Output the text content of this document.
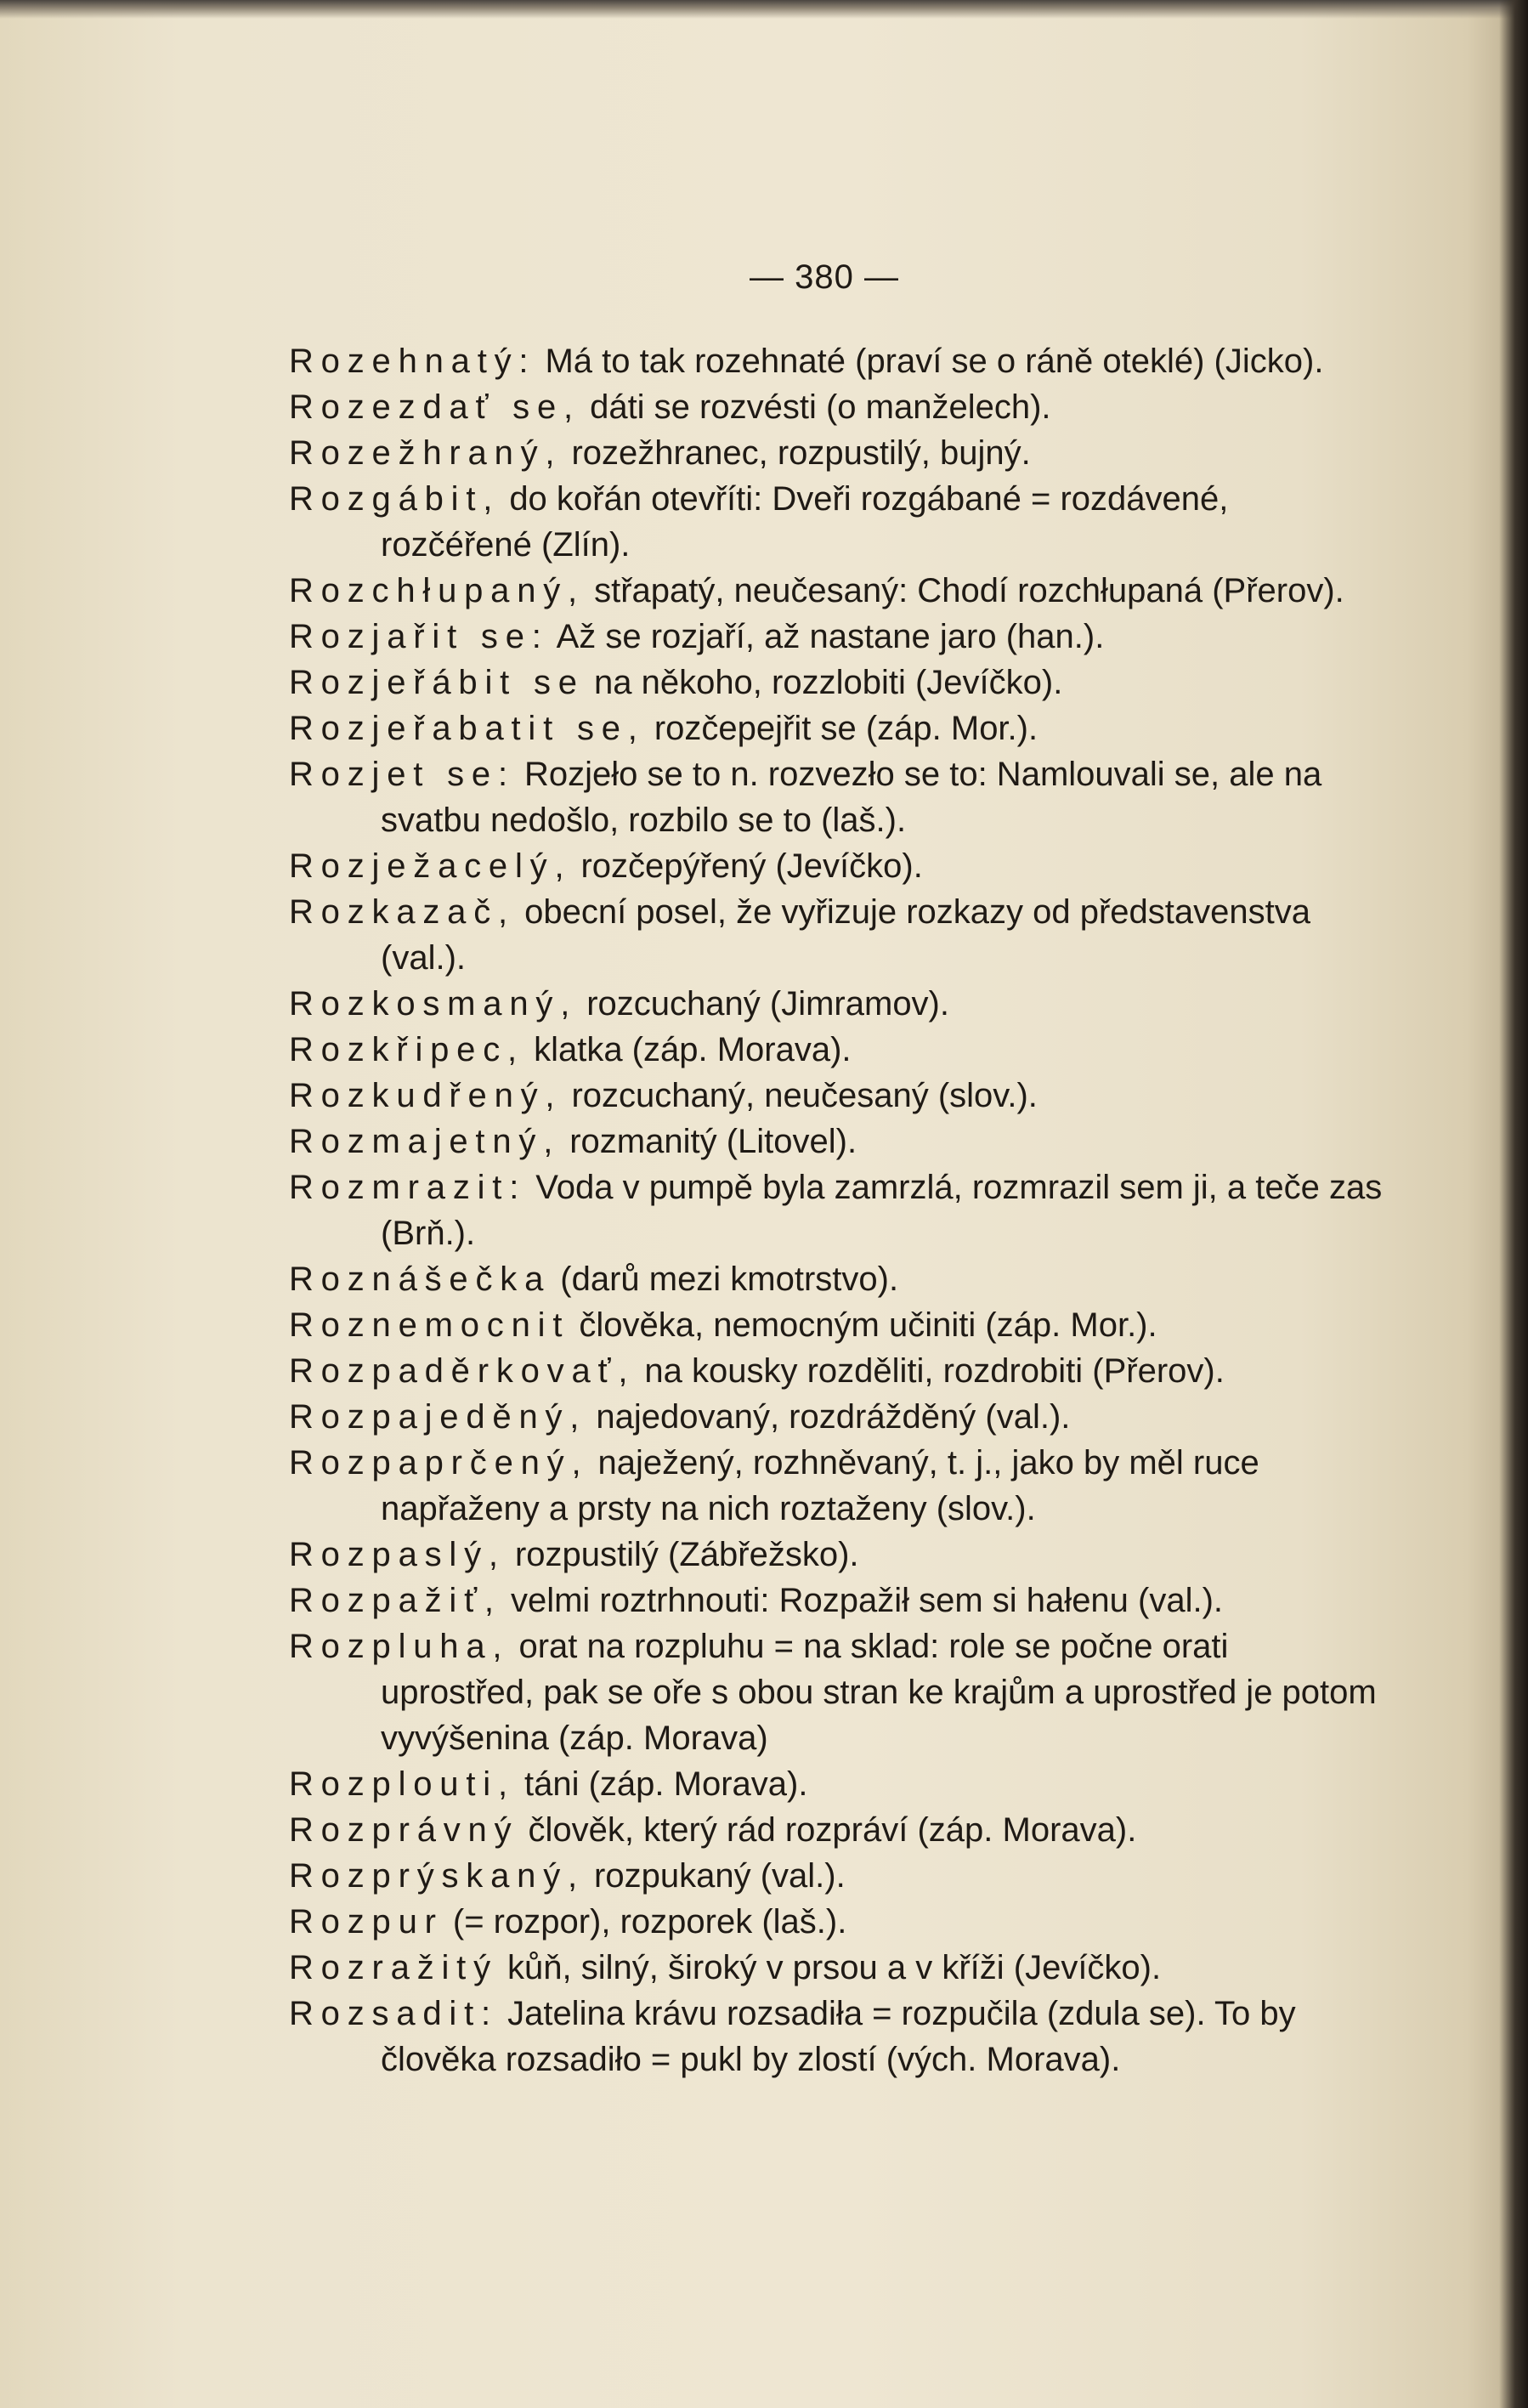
— 380 —

Rozehnatý: Má to tak rozehnaté (praví se o ráně oteklé) (Jicko).

Rozezdať se, dáti se rozvésti (o manželech).

Rozežhraný, rozežhranec, rozpustilý, bujný.

Rozgábit, do kořán otevříti: Dveři rozgábané = rozdávené, rozčéřené (Zlín).

Rozchłupaný, střapatý, neučesaný: Chodí rozchłupaná (Přerov).

Rozjařit se: Až se rozjaří, až nastane jaro (han.).

Rozjeřábit se na někoho, rozzlobiti (Jevíčko).

Rozjeřabatit se, rozčepejřit se (záp. Mor.).

Rozjet se: Rozjeło se to n. rozvezło se to: Namlouvali se, ale na svatbu nedošlo, rozbilo se to (laš.).

Rozježacelý, rozčepýřený (Jevíčko).

Rozkazač, obecní posel, že vyřizuje rozkazy od představenstva (val.).

Rozkosmaný, rozcuchaný (Jimramov).

Rozkřipec, klatka (záp. Morava).

Rozkudřený, rozcuchaný, neučesaný (slov.).

Rozmajetný, rozmanitý (Litovel).

Rozmrazit: Voda v pumpě byla zamrzlá, rozmrazil sem ji, a teče zas (Brň.).

Roznášečka (darů mezi kmotrstvo).

Roznemocnit člověka, nemocným učiniti (záp. Mor.).

Rozpaděrkovať, na kousky rozděliti, rozdrobiti (Přerov).

Rozpajeděný, najedovaný, rozdrážděný (val.).

Rozpaprčený, naježený, rozhněvaný, t. j., jako by měl ruce napřaženy a prsty na nich roztaženy (slov.).

Rozpaslý, rozpustilý (Zábřežsko).

Rozpažiť, velmi roztrhnouti: Rozpažił sem si hałenu (val.).

Rozpluha, orat na rozpluhu = na sklad: role se počne orati uprostřed, pak se oře s obou stran ke krajům a uprostřed je potom vyvýšenina (záp. Morava)

Rozplouti, táni (záp. Morava).

Rozprávný člověk, který rád rozpráví (záp. Morava).

Rozprýskaný, rozpukaný (val.).

Rozpur (= rozpor), rozporek (laš.).

Rozražitý kůň, silný, široký v prsou a v kříži (Jevíčko).

Rozsadit: Jatelina krávu rozsadiła = rozpučila (zdula se). To by člověka rozsadiło = pukl by zlostí (vých. Morava).
